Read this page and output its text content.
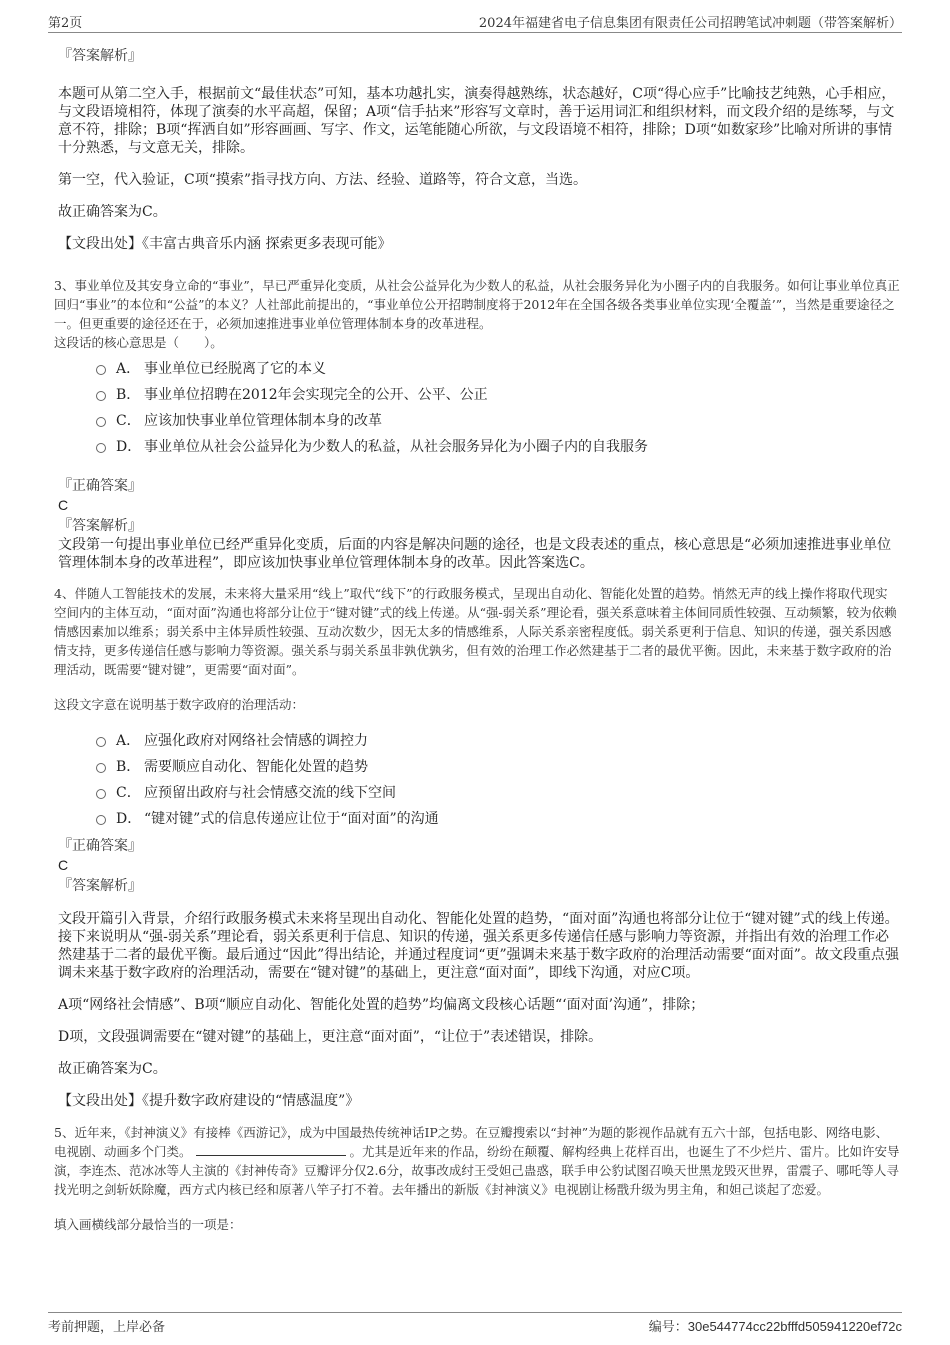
第2页	2024年福建省电子信息集团有限责任公司招聘笔试冲刺题（带答案解析）
『答案解析』

本题可从第二空入手，根据前文“最佳状态”可知，基本功越扎实，演奏得越熟练，状态越好，C项“得心应手”比喻技艺纯熟，心手相应，与文段语境相符，体现了演奏的水平高超，保留；A项“信手拈来”形容写文章时，善于运用词汇和组织材料，而文段介绍的是练琴，与文意不符，排除；B项“挥洒自如”形容画画、写字、作文，运笔能随心所欲，与文段语境不相符，排除；D项“如数家珍”比喻对所讲的事情十分熟悉，与文意无关，排除。

第一空，代入验证，C项“摸索”指寻找方向、方法、经验、道路等，符合文意，当选。

故正确答案为C。

【文段出处】《丰富古典音乐内涵 探索更多表现可能》
3、事业单位及其安身立命的“事业”，早已严重异化变质，从社会公益异化为少数人的私益，从社会服务异化为小圈子内的自我服务。如何让事业单位真正回归“事业”的本位和“公益”的本义？人社部此前提出的，“事业单位公开招聘制度将于2012年在全国各级各类事业单位实现‘全覆盖’”，当然是重要途径之一。但更重要的途径还在于，必须加速推进事业单位管理体制本身的改革进程。
这段话的核心意思是（　　）。
A． 事业单位已经脱离了它的本义
B． 事业单位招聘在2012年会实现完全的公开、公平、公正
C． 应该加快事业单位管理体制本身的改革
D． 事业单位从社会公益异化为少数人的私益，从社会服务异化为小圈子内的自我服务
『正确答案』
C
『答案解析』

文段第一句提出事业单位已经严重异化变质，后面的内容是解决问题的途径，也是文段表述的重点，核心意思是“必须加速推进事业单位管理体制本身的改革进程”，即应该加快事业单位管理体制本身的改革。因此答案选C。

4、伴随人工智能技术的发展，未来将大量采用“线上”取代“线下”的行政服务模式，呈现出自动化、智能化处置的趋势。悄然无声的线上操作将取代现实空间内的主体互动，“面对面”沟通也将部分让位于“键对键”式的线上传递。从“强-弱关系”理论看，强关系意味着主体间同质性较强、互动频繁，较为依赖情感因素加以维系；弱关系中主体异质性较强、互动次数少，因无太多的情感维系，人际关系亲密程度低。弱关系更利于信息、知识的传递，强关系因感情支持，更多传递信任感与影响力等资源。强关系与弱关系虽非孰优孰劣，但有效的治理工作必然建基于二者的最优平衡。因此，未来基于数字政府的治理活动，既需要“键对键”，更需要“面对面”。
这段文字意在说明基于数字政府的治理活动：
A． 应强化政府对网络社会情感的调控力
B． 需要顺应自动化、智能化处置的趋势
C． 应预留出政府与社会情感交流的线下空间
D． “键对键”式的信息传递应让位于“面对面”的沟通
『正确答案』
C
『答案解析』

文段开篇引入背景，介绍行政服务模式未来将呈现出自动化、智能化处置的趋势，“面对面”沟通也将部分让位于“键对键”式的线上传递。接下来说明从“强-弱关系”理论看，弱关系更利于信息、知识的传递，强关系更多传递信任感与影响力等资源，并指出有效的治理工作必然建基于二者的最优平衡。最后通过“因此”得出结论，并通过程度词“更”强调未来基于数字政府的治理活动需要“面对面”。故文段重点强调未来基于数字政府的治理活动，需要在“键对键”的基础上，更注意“面对面”，即线下沟通，对应C项。

A项“网络社会情感”、B项“顺应自动化、智能化处置的趋势”均偏离文段核心话题“‘面对面’沟通”，排除；

D项，文段强调需要在“键对键”的基础上，更注意“面对面”，“让位于”表述错误，排除。

故正确答案为C。

【文段出处】《提升数字政府建设的“情感温度”》
5、近年来，《封神演义》有接棒《西游记》，成为中国最热传统神话IP之势。在豆瓣搜索以“封神”为题的影视作品就有五六十部，包括电影、网络电影、电视剧、动画多个门类。	。尤其是近年来的作品，纷纷在颠覆、解构经典上花样百出，也诞生了不少烂片、雷片。比如许安导演，李连杰、范冰冰等人主演的《封神传奇》豆瓣评分仅2.6分，故事改成纣王受妲己蛊惑，联手申公豹试图召唤天世黑龙毁灭世界，雷震子、哪吒等人寻找光明之剑斩妖除魔，西方式内核已经和原著八竿子打不着。去年播出的新版《封神演义》电视剧让杨戬升级为男主角，和妲己谈起了恋爱。
填入画横线部分最恰当的一项是：
考前押题，上岸必备	编号：30e544774cc22bfffd505941220ef72c
